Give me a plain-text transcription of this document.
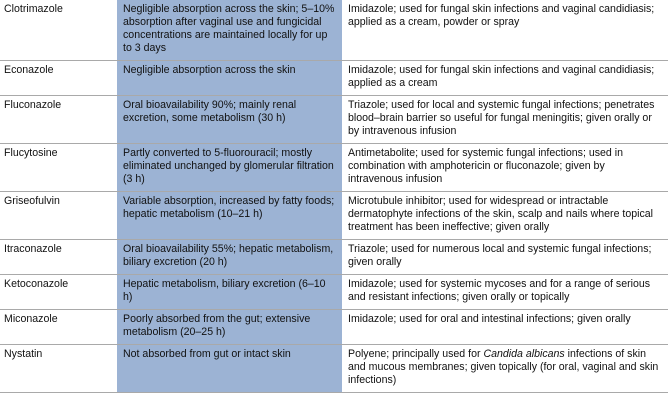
Clotrimazole	Negligible absorption across the skin; 5–10% absorption after vaginal use and fungicidal concentrations are maintained locally for up to 3 days	Imidazole; used for fungal skin infections and vaginal candidiasis; applied as a cream, powder or spray
Econazole	Negligible absorption across the skin	Imidazole; used for fungal skin infections and vaginal candidiasis; applied as a cream
Fluconazole	Oral bioavailability 90%; mainly renal excretion, some metabolism (30 h)	Triazole; used for local and systemic fungal infections; penetrates blood–brain barrier so useful for fungal meningitis; given orally or by intravenous infusion
Flucytosine	Partly converted to 5-fluorouracil; mostly eliminated unchanged by glomerular filtration (3 h)	Antimetabolite; used for systemic fungal infections; used in combination with amphotericin or fluconazole; given by intravenous infusion
Griseofulvin	Variable absorption, increased by fatty foods; hepatic metabolism (10–21 h)	Microtubule inhibitor; used for widespread or intractable dermatophyte infections of the skin, scalp and nails where topical treatment has been ineffective; given orally
Itraconazole	Oral bioavailability 55%; hepatic metabolism, biliary excretion (20 h)	Triazole; used for numerous local and systemic fungal infections; given orally
Ketoconazole	Hepatic metabolism, biliary excretion (6–10 h)	Imidazole; used for systemic mycoses and for a range of serious and resistant infections; given orally or topically
Miconazole	Poorly absorbed from the gut; extensive metabolism (20–25 h)	Imidazole; used for oral and intestinal infections; given orally
Nystatin	Not absorbed from gut or intact skin	Polyene; principally used for Candida albicans infections of skin and mucous membranes; given topically (for oral, vaginal and skin infections)
